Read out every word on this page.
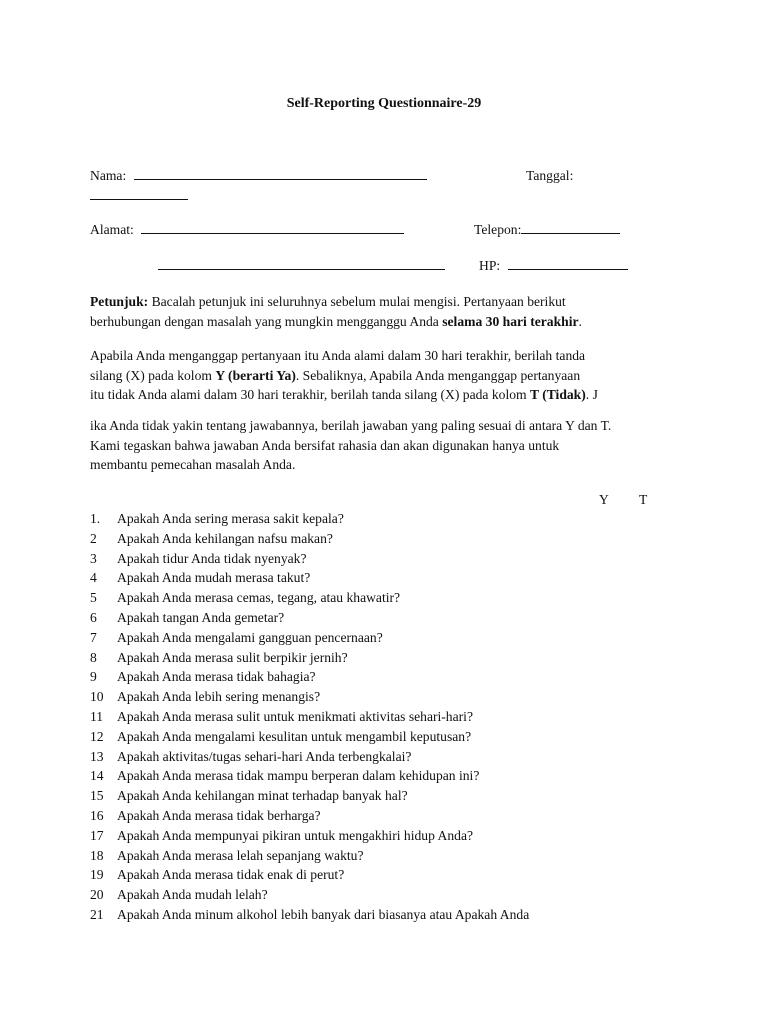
Self-Reporting Questionnaire-29
Nama:	Tanggal:
Alamat:	Telepon:
HP:
Petunjuk: Bacalah petunjuk ini seluruhnya sebelum mulai mengisi. Pertanyaan berikut
berhubungan dengan masalah yang mungkin mengganggu Anda selama 30 hari terakhir.
Apabila Anda menganggap pertanyaan itu Anda alami dalam 30 hari terakhir, berilah tanda
silang (X) pada kolom Y (berarti Ya). Sebaliknya, Apabila Anda menganggap pertanyaan
itu tidak Anda alami dalam 30 hari terakhir, berilah tanda silang (X) pada kolom T (Tidak). J
ika Anda tidak yakin tentang jawabannya, berilah jawaban yang paling sesuai di antara Y dan T.
Kami tegaskan bahwa jawaban Anda bersifat rahasia dan akan digunakan hanya untuk
membantu pemecahan masalah Anda.
Y T
1. Apakah Anda sering merasa sakit kepala?
2 Apakah Anda kehilangan nafsu makan?
3 Apakah tidur Anda tidak nyenyak?
4 Apakah Anda mudah merasa takut?
5 Apakah Anda merasa cemas, tegang, atau khawatir?
6 Apakah tangan Anda gemetar?
7 Apakah Anda mengalami gangguan pencernaan?
8 Apakah Anda merasa sulit berpikir jernih?
9 Apakah Anda merasa tidak bahagia?
10 Apakah Anda lebih sering menangis?
11 Apakah Anda merasa sulit untuk menikmati aktivitas sehari-hari?
12 Apakah Anda mengalami kesulitan untuk mengambil keputusan?
13 Apakah aktivitas/tugas sehari-hari Anda terbengkalai?
14 Apakah Anda merasa tidak mampu berperan dalam kehidupan ini?
15 Apakah Anda kehilangan minat terhadap banyak hal?
16 Apakah Anda merasa tidak berharga?
17 Apakah Anda mempunyai pikiran untuk mengakhiri hidup Anda?
18 Apakah Anda merasa lelah sepanjang waktu?
19 Apakah Anda merasa tidak enak di perut?
20 Apakah Anda mudah lelah?
21 Apakah Anda minum alkohol lebih banyak dari biasanya atau Apakah Anda
